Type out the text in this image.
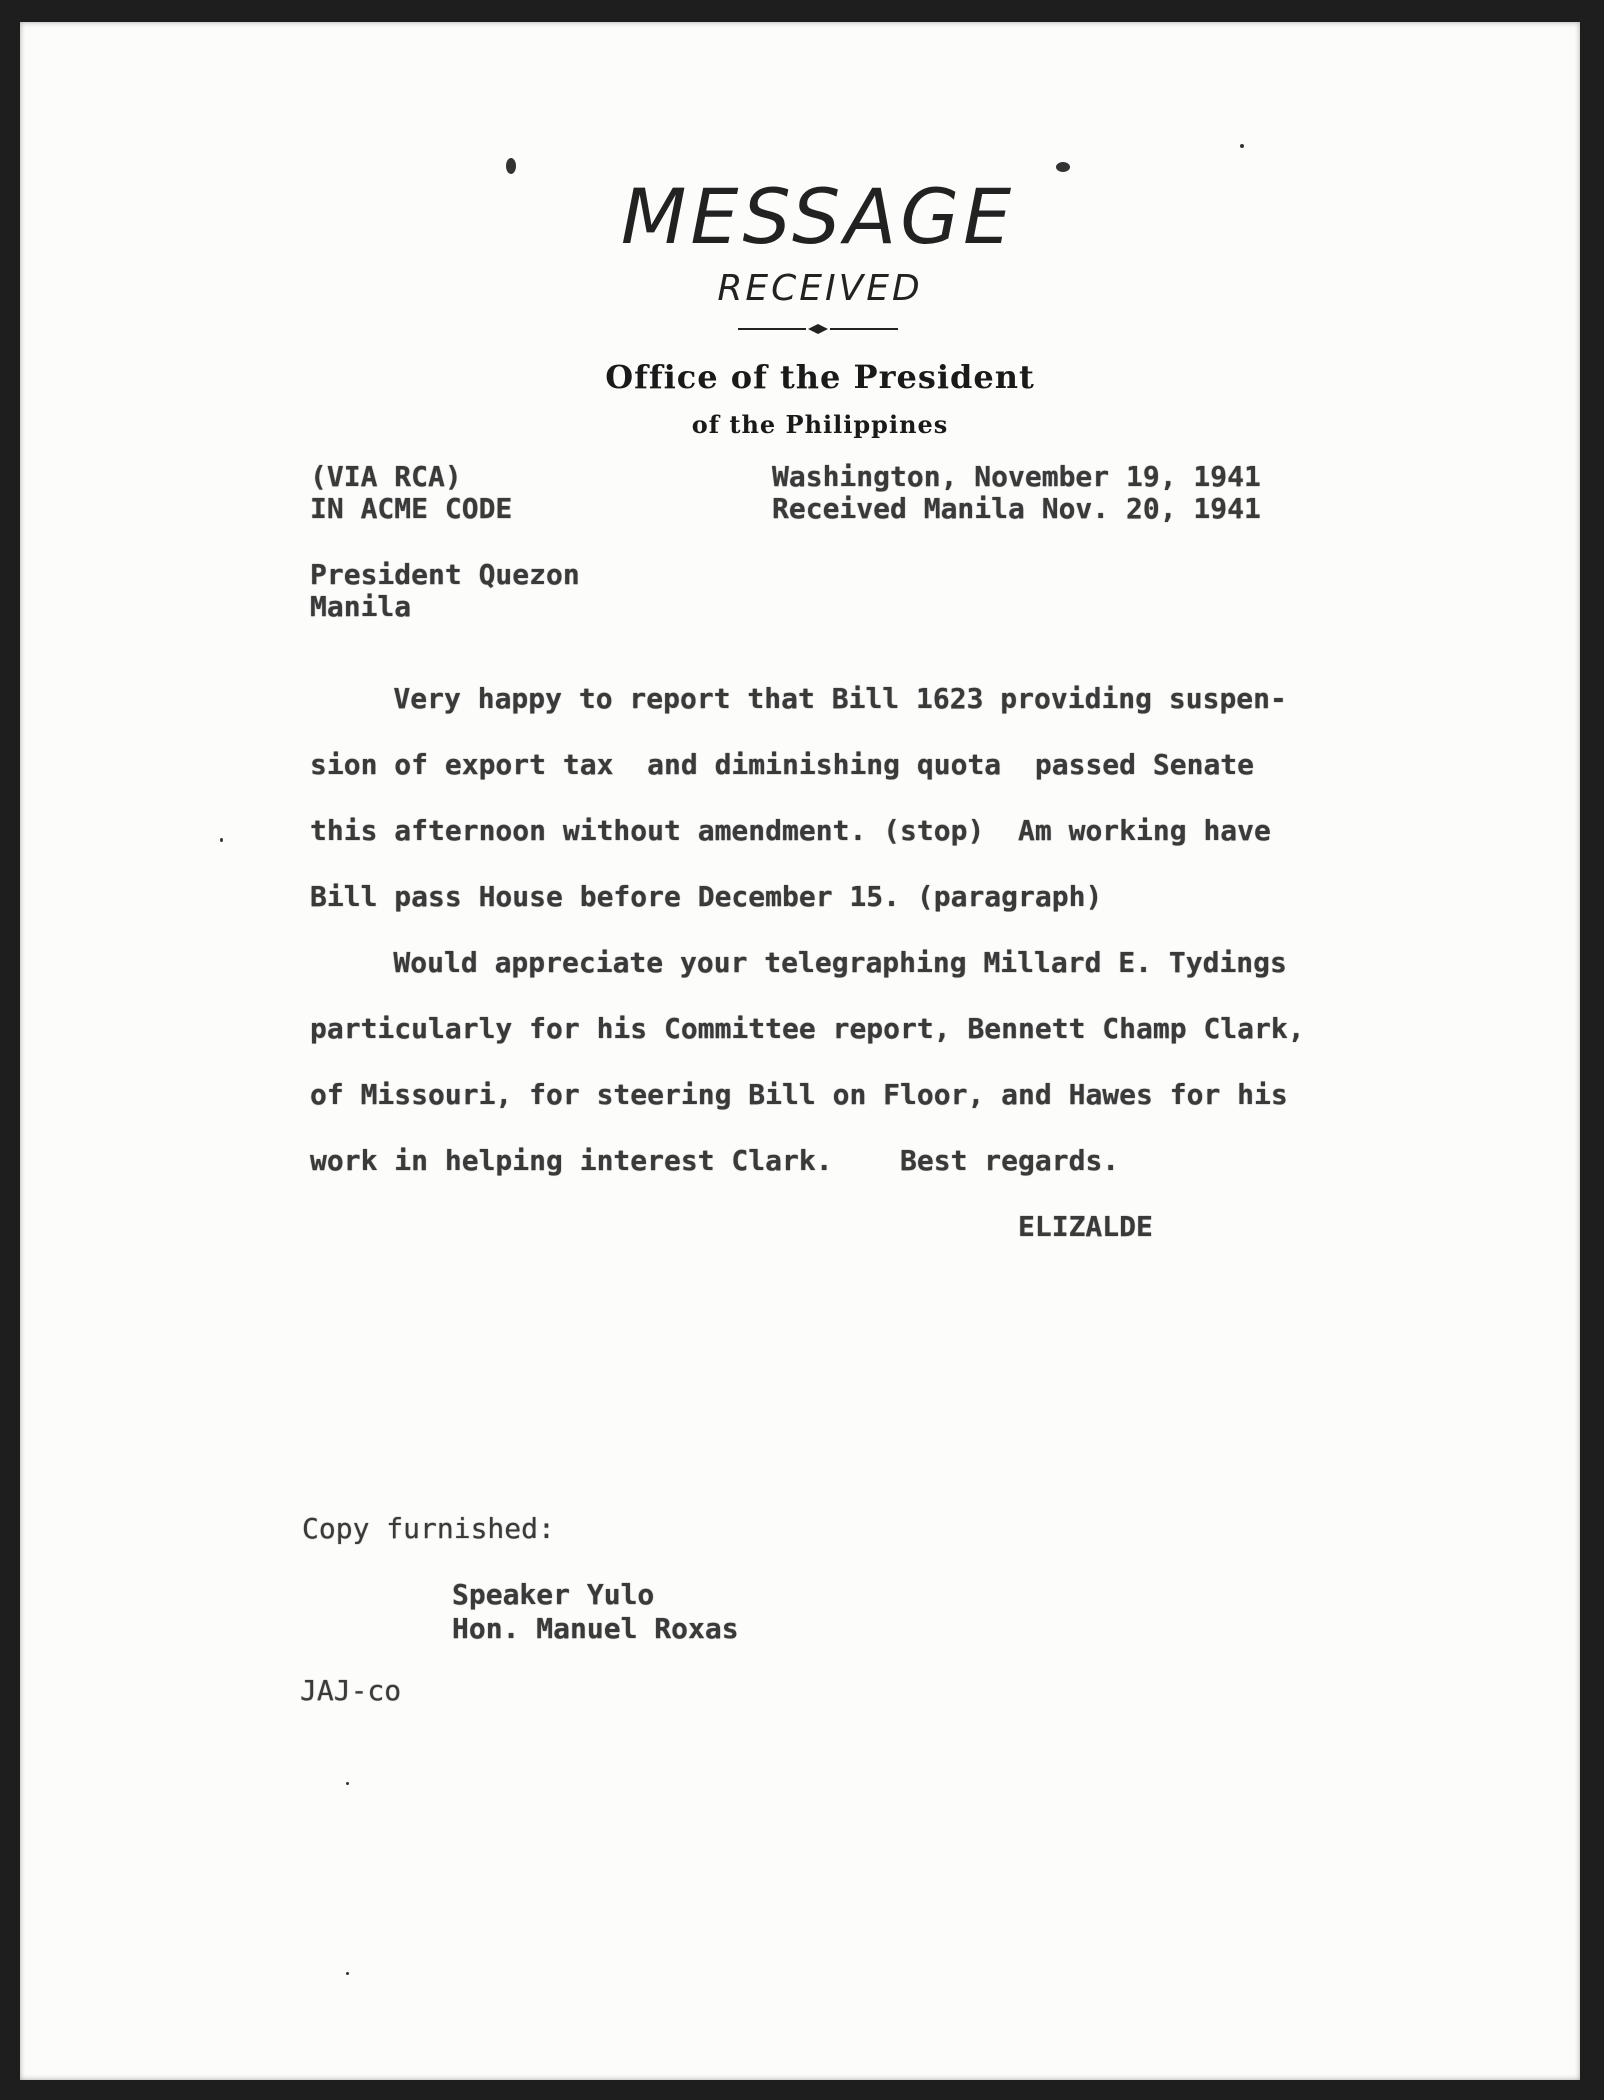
MESSAGE
RECEIVED
Office of the President
of the Philippines
(VIA RCA)
IN ACME CODE
Washington, November 19, 1941
Received Manila Nov. 20, 1941
President Quezon
Manila
Very happy to report that Bill 1623 providing suspen-
sion of export tax  and diminishing quota  passed Senate
this afternoon without amendment. (stop)  Am working have
Bill pass House before December 15. (paragraph)
Would appreciate your telegraphing Millard E. Tydings
particularly for his Committee report, Bennett Champ Clark,
of Missouri, for steering Bill on Floor, and Hawes for his
work in helping interest Clark.    Best regards.
ELIZALDE
Copy furnished:
Speaker Yulo
Hon. Manuel Roxas
JAJ-co
